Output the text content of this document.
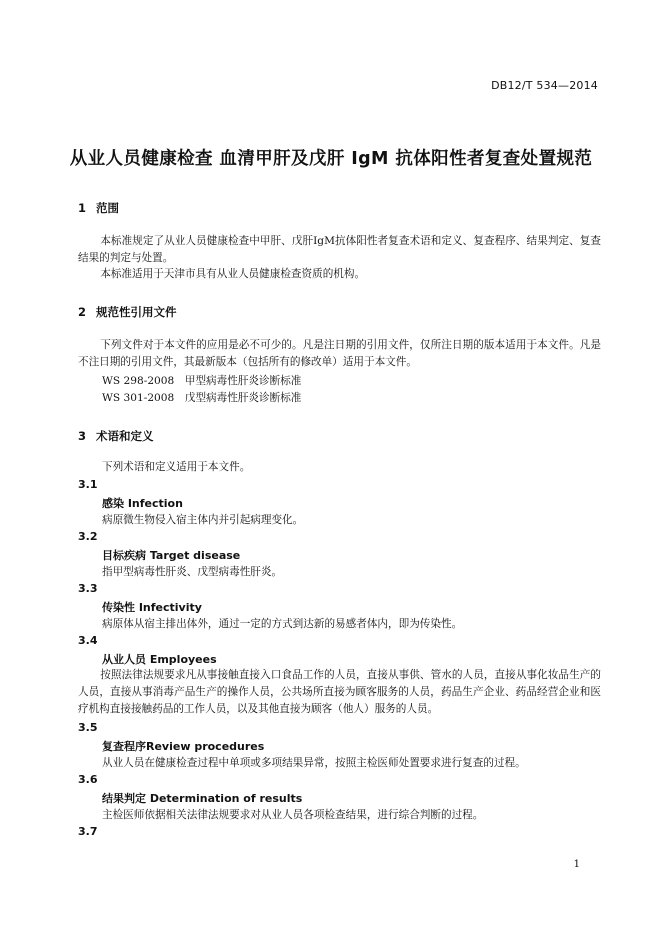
DB12/T 534—2014
从业人员健康检查 血清甲肝及戊肝 IgM 抗体阳性者复查处置规范
1 范围
本标准规定了从业人员健康检查中甲肝、戊肝IgM抗体阳性者复查术语和定义、复查程序、结果判定、复查结果的判定与处置。
本标准适用于天津市具有从业人员健康检查资质的机构。
2 规范性引用文件
下列文件对于本文件的应用是必不可少的。凡是注日期的引用文件，仅所注日期的版本适用于本文件。凡是不注日期的引用文件，其最新版本（包括所有的修改单）适用于本文件。
WS 298-2008　甲型病毒性肝炎诊断标准
WS 301-2008　戊型病毒性肝炎诊断标准
3 术语和定义
下列术语和定义适用于本文件。
3.1
感染 Infection
病原微生物侵入宿主体内并引起病理变化。
3.2
目标疾病 Target disease
指甲型病毒性肝炎、戊型病毒性肝炎。
3.3
传染性 Infectivity
病原体从宿主排出体外，通过一定的方式到达新的易感者体内，即为传染性。
3.4
从业人员 Employees
按照法律法规要求凡从事接触直接入口食品工作的人员，直接从事供、管水的人员，直接从事化妆品生产的人员，直接从事消毒产品生产的操作人员，公共场所直接为顾客服务的人员，药品生产企业、药品经营企业和医疗机构直接接触药品的工作人员，以及其他直接为顾客（他人）服务的人员。
3.5
复查程序Review procedures
从业人员在健康检查过程中单项或多项结果异常，按照主检医师处置要求进行复查的过程。
3.6
结果判定 Determination of results
主检医师依据相关法律法规要求对从业人员各项检查结果，进行综合判断的过程。
3.7
1
